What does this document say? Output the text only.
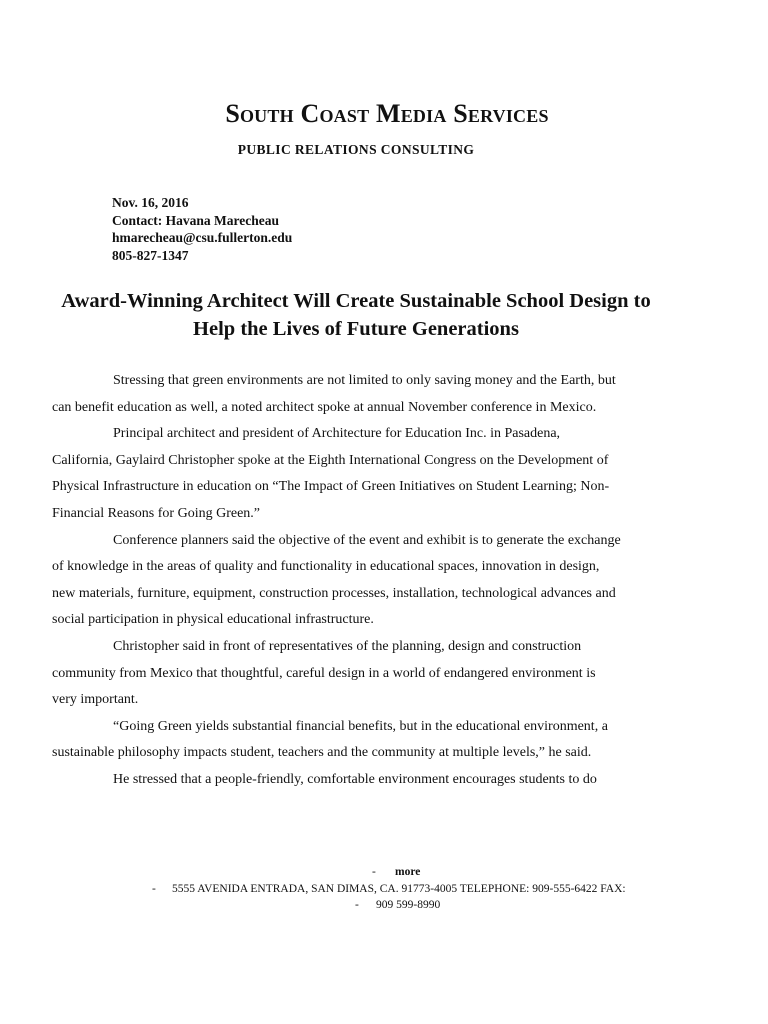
South Coast Media Services
PUBLIC RELATIONS CONSULTING
Nov. 16, 2016
Contact: Havana Marecheau
hmarecheau@csu.fullerton.edu
805-827-1347
Award-Winning Architect Will Create Sustainable School Design to Help the Lives of Future Generations

Stressing that green environments are not limited to only saving money and the Earth, but
can benefit education as well, a noted architect spoke at annual November conference in Mexico.

Principal architect and president of Architecture for Education Inc. in Pasadena,
California, Gaylaird Christopher spoke at the Eighth International Congress on the Development of
Physical Infrastructure in education on “The Impact of Green Initiatives on Student Learning; Non-
Financial Reasons for Going Green.”

Conference planners said the objective of the event and exhibit is to generate the exchange
of knowledge in the areas of quality and functionality in educational spaces, innovation in design,
new materials, furniture, equipment, construction processes, installation, technological advances and
social participation in physical educational infrastructure.

Christopher said in front of representatives of the planning, design and construction
community from Mexico that thoughtful, careful design in a world of endangered environment is
very important.

“Going Green yields substantial financial benefits, but in the educational environment, a
sustainable philosophy impacts student, teachers and the community at multiple levels,” he said.

He stressed that a people-friendly, comfortable environment encourages students to do

- more
- 5555 AVENIDA ENTRADA, SAN DIMAS, CA. 91773-4005 TELEPHONE: 909-555-6422 FAX:
- 909 599-8990
